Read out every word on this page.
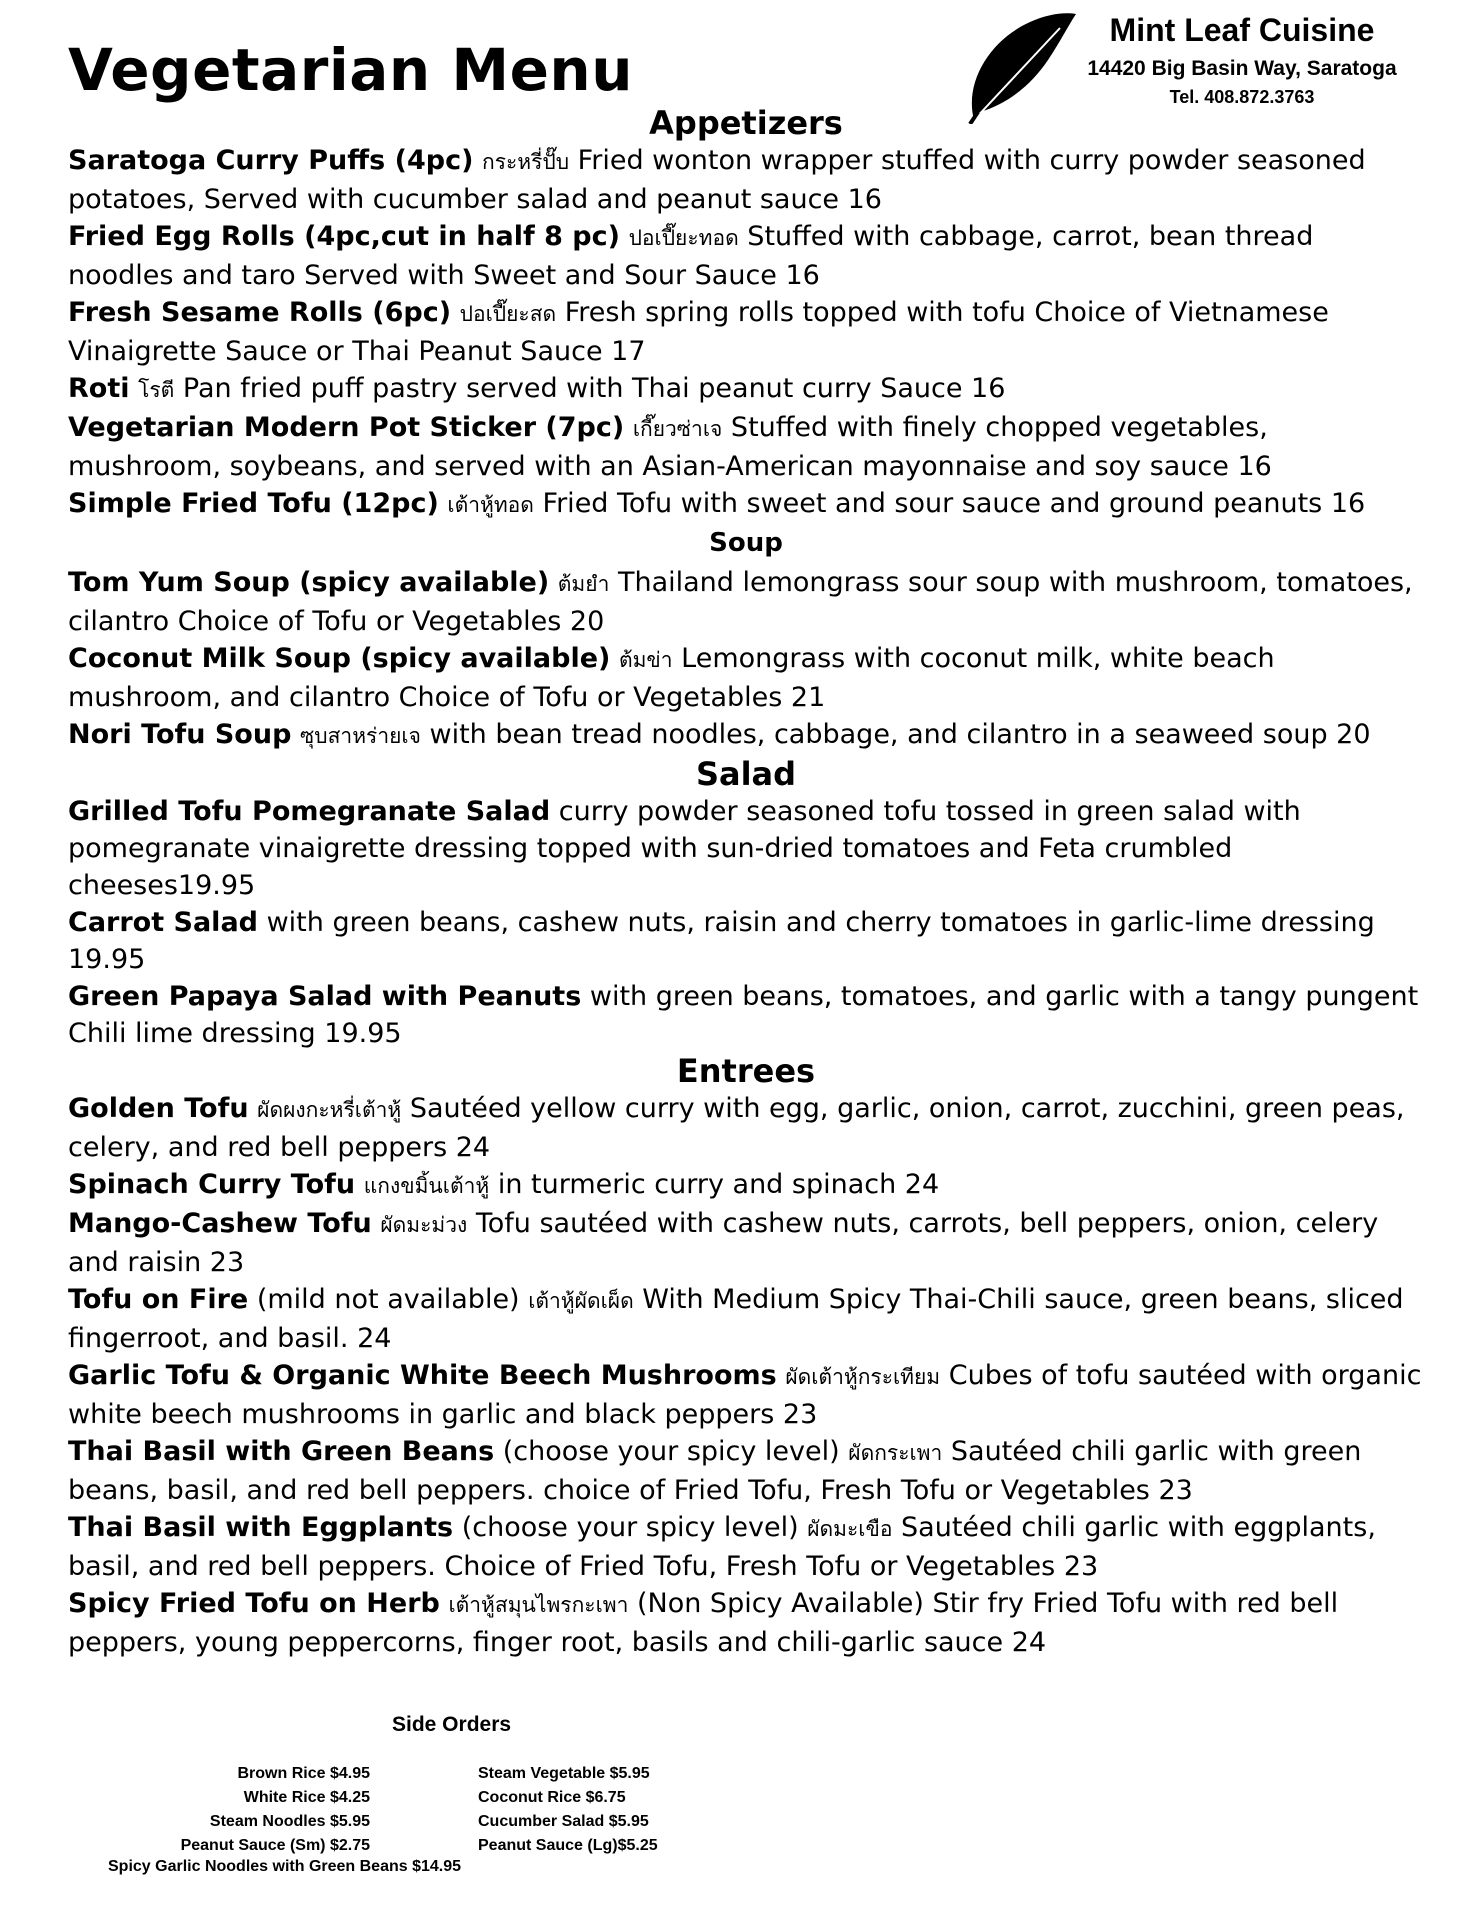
Vegetarian Menu
Mint Leaf Cuisine
14420 Big Basin Way, Saratoga
Tel. 408.872.3763
Appetizers

Saratoga Curry Puffs (4pc) กระหรี่ปั๊บ Fried wonton wrapper stuffed with curry powder seasoned potatoes, Served with cucumber salad and peanut sauce 16

Fried Egg Rolls (4pc,cut in half 8 pc) ปอเปี๊ยะทอด Stuffed with cabbage, carrot, bean thread noodles and taro Served with Sweet and Sour Sauce 16

Fresh Sesame Rolls (6pc) ปอเปี๊ยะสด Fresh spring rolls topped with tofu Choice of Vietnamese Vinaigrette Sauce or Thai Peanut Sauce 17

Roti โรตี Pan fried puff pastry served with Thai peanut curry Sauce 16

Vegetarian Modern Pot Sticker (7pc) เกี๊ยวซ่าเจ Stuffed with finely chopped vegetables, mushroom, soybeans, and served with an Asian-American mayonnaise and soy sauce 16

Simple Fried Tofu (12pc) เต้าหู้ทอด Fried Tofu with sweet and sour sauce and ground peanuts 16

Soup

Tom Yum Soup (spicy available) ต้มยำ Thailand lemongrass sour soup with mushroom, tomatoes, cilantro Choice of Tofu or Vegetables 20

Coconut Milk Soup (spicy available) ต้มข่า Lemongrass with coconut milk, white beach mushroom, and cilantro Choice of Tofu or Vegetables 21

Nori Tofu Soup ซุบสาหร่ายเจ with bean tread noodles, cabbage, and cilantro in a seaweed soup 20

Salad

Grilled Tofu Pomegranate Salad curry powder seasoned tofu tossed in green salad with pomegranate vinaigrette dressing topped with sun-dried tomatoes and Feta crumbled cheeses19.95

Carrot Salad with green beans, cashew nuts, raisin and cherry tomatoes in garlic-lime dressing 19.95

Green Papaya Salad with Peanuts with green beans, tomatoes, and garlic with a tangy pungent Chili lime dressing 19.95

Entrees

Golden Tofu ผัดผงกะหรี่เต้าหู้ Sautéed yellow curry with egg, garlic, onion, carrot, zucchini, green peas, celery, and red bell peppers 24

Spinach Curry Tofu แกงขมิ้นเต้าหู้ in turmeric curry and spinach 24

Mango-Cashew Tofu ผัดมะม่วง Tofu sautéed with cashew nuts, carrots, bell peppers, onion, celery and raisin 23

Tofu on Fire (mild not available) เต้าหู้ผัดเผ็ด With Medium Spicy Thai-Chili sauce, green beans, sliced fingerroot, and basil. 24

Garlic Tofu & Organic White Beech Mushrooms ผัดเต้าหู้กระเทียม Cubes of tofu sautéed with organic white beech mushrooms in garlic and black peppers 23

Thai Basil with Green Beans (choose your spicy level) ผัดกระเพา Sautéed chili garlic with green beans, basil, and red bell peppers. choice of Fried Tofu, Fresh Tofu or Vegetables 23

Thai Basil with Eggplants (choose your spicy level) ผัดมะเขือ Sautéed chili garlic with eggplants, basil, and red bell peppers. Choice of Fried Tofu, Fresh Tofu or Vegetables 23

Spicy Fried Tofu on Herb เต้าหู้สมุนไพรกะเพา (Non Spicy Available) Stir fry Fried Tofu with red bell peppers, young peppercorns, finger root, basils and chili-garlic sauce 24

Side Orders
Brown Rice $4.95
White Rice $4.25
Steam Noodles $5.95
Peanut Sauce (Sm) $2.75
Steam Vegetable $5.95
Coconut Rice $6.75
Cucumber Salad $5.95
Peanut Sauce (Lg)$5.25
Spicy Garlic Noodles with Green Beans $14.95
